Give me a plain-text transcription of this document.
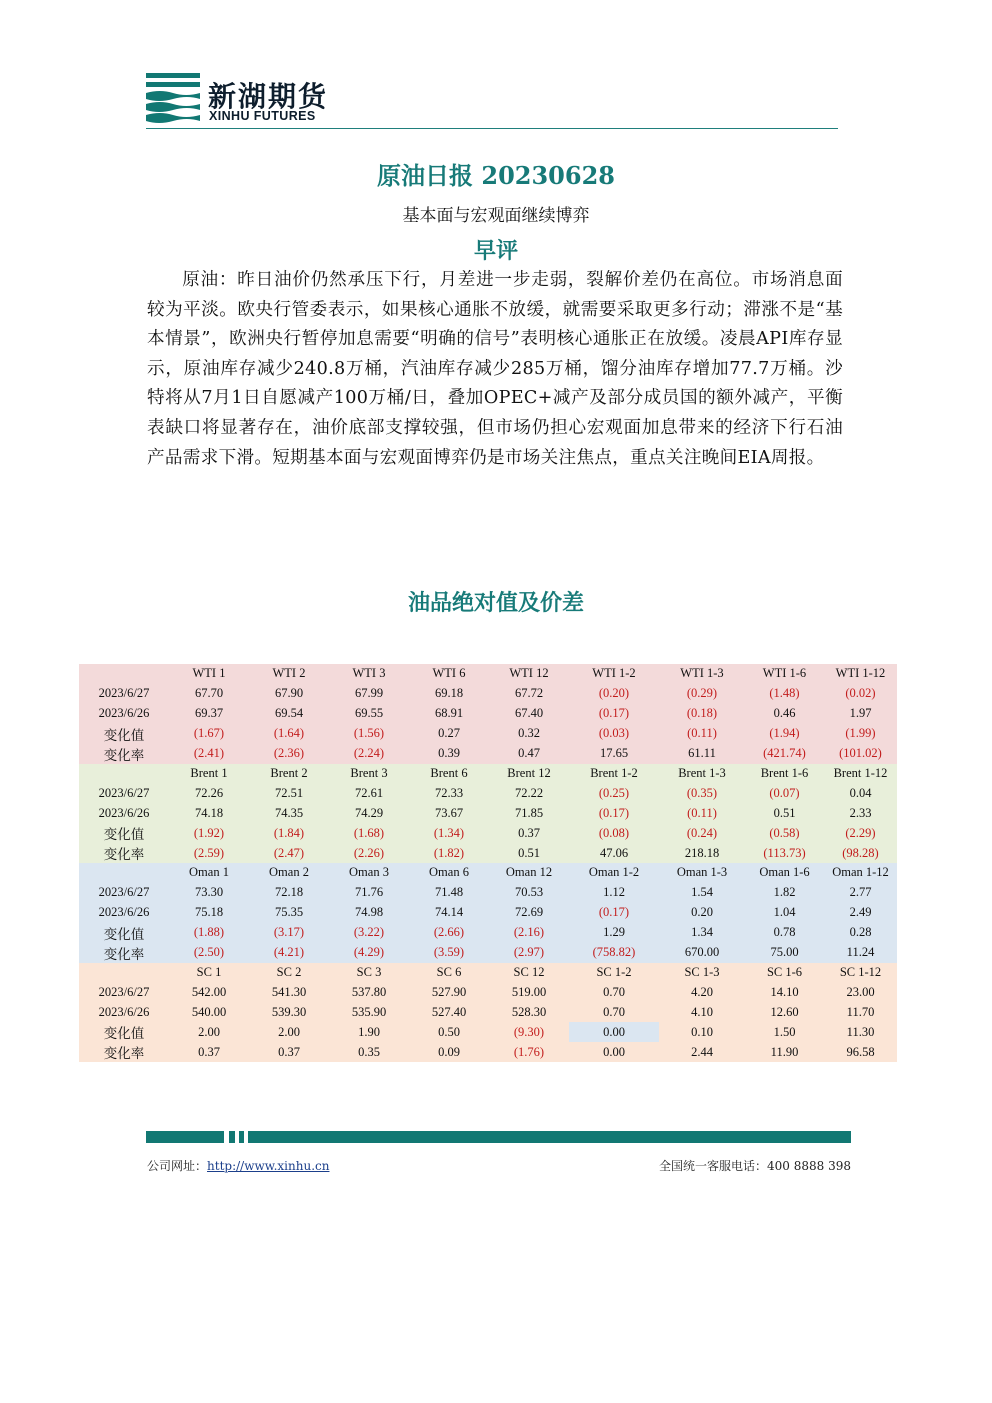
新湖期货
XINHU FUTURES
原油日报 20230628
基本面与宏观面继续博弈
早评

原油：昨日油价仍然承压下行，月差进一步走弱，裂解价差仍在高位。市场消息面较为平淡。欧央行管委表示，如果核心通胀不放缓，就需要采取更多行动；滞涨不是“基本情景”，欧洲央行暂停加息需要“明确的信号”表明核心通胀正在放缓。凌晨API库存显示，原油库存减少240.8万桶，汽油库存减少285万桶，馏分油库存增加77.7万桶。沙特将从7月1日自愿减产100万桶/日，叠加OPEC+减产及部分成员国的额外减产，平衡表缺口将显著存在，油价底部支撑较强，但市场仍担心宏观面加息带来的经济下行石油产品需求下滑。短期基本面与宏观面博弈仍是市场关注焦点，重点关注晚间EIA周报。

油品绝对值及价差
	WTI 1	WTI 2	WTI 3	WTI 6	WTI 12	WTI 1-2	WTI 1-3	WTI 1-6	WTI 1-12
2023/6/27	67.70	67.90	67.99	69.18	67.72	(0.20)	(0.29)	(1.48)	(0.02)
2023/6/26	69.37	69.54	69.55	68.91	67.40	(0.17)	(0.18)	0.46	1.97
变化值	(1.67)	(1.64)	(1.56)	0.27	0.32	(0.03)	(0.11)	(1.94)	(1.99)
变化率	(2.41)	(2.36)	(2.24)	0.39	0.47	17.65	61.11	(421.74)	(101.02)
	Brent 1	Brent 2	Brent 3	Brent 6	Brent 12	Brent 1-2	Brent 1-3	Brent 1-6	Brent 1-12
2023/6/27	72.26	72.51	72.61	72.33	72.22	(0.25)	(0.35)	(0.07)	0.04
2023/6/26	74.18	74.35	74.29	73.67	71.85	(0.17)	(0.11)	0.51	2.33
变化值	(1.92)	(1.84)	(1.68)	(1.34)	0.37	(0.08)	(0.24)	(0.58)	(2.29)
变化率	(2.59)	(2.47)	(2.26)	(1.82)	0.51	47.06	218.18	(113.73)	(98.28)
	Oman 1	Oman 2	Oman 3	Oman 6	Oman 12	Oman 1-2	Oman 1-3	Oman 1-6	Oman 1-12
2023/6/27	73.30	72.18	71.76	71.48	70.53	1.12	1.54	1.82	2.77
2023/6/26	75.18	75.35	74.98	74.14	72.69	(0.17)	0.20	1.04	2.49
变化值	(1.88)	(3.17)	(3.22)	(2.66)	(2.16)	1.29	1.34	0.78	0.28
变化率	(2.50)	(4.21)	(4.29)	(3.59)	(2.97)	(758.82)	670.00	75.00	11.24
	SC 1	SC 2	SC 3	SC 6	SC 12	SC 1-2	SC 1-3	SC 1-6	SC 1-12
2023/6/27	542.00	541.30	537.80	527.90	519.00	0.70	4.20	14.10	23.00
2023/6/26	540.00	539.30	535.90	527.40	528.30	0.70	4.10	12.60	11.70
变化值	2.00	2.00	1.90	0.50	(9.30)	0.00	0.10	1.50	11.30
变化率	0.37	0.37	0.35	0.09	(1.76)	0.00	2.44	11.90	96.58
公司网址：http://www.xinhu.cn	全国统一客服电话：400 8888 398
